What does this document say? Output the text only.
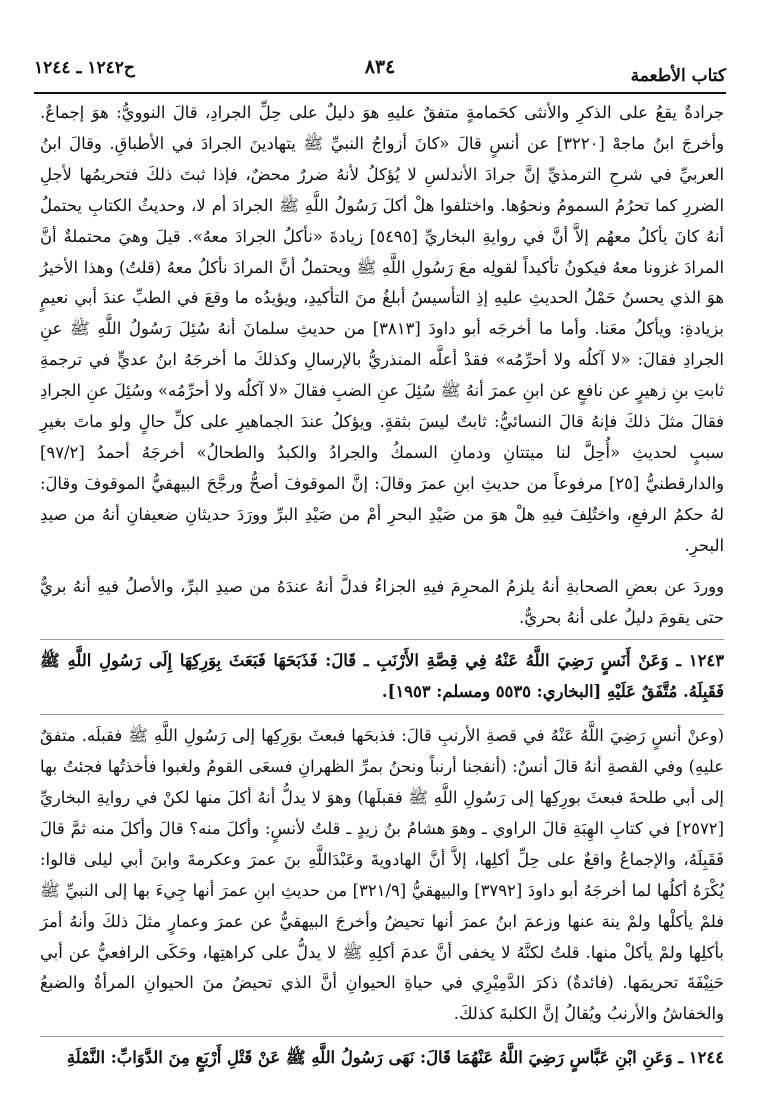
كتاب الأطعمة
٨٣٤
ح١٢٤٢ ـ ١٢٤٤

جرادةٌ يقعُ على الذكرِ والأنثى كحَمامةٍ متفقٌ عليهِ هوَ دليلٌ على حِلِّ الجرادِ، قالَ النوويُّ: هوَ إجماعٌ. وأخرجَ ابنُ ماجهْ [٣٢٢٠] عن أنسٍ قالَ «كانَ أزواجُ النبيِّ ﷺ يتهادينَ الجرادَ في الأطباقِ. وقالَ ابنُ العربيِّ في شرحِ الترمذيِّ إنَّ جرادَ الأندلسِ لا يُؤكلُ لأنهُ ضررٌ محضٌ، فإذا ثبتَ ذلكَ فتحريمُها لأجلِ الضررِ كما تحرُمُ السمومُ ونحوُها. واختلفوا هلْ أكلَ رَسُولُ اللَّهِ ﷺ الجرادَ أم لا، وحديثُ الكتابِ يحتملُ أنهُ كانَ يأكلُ معهُم إلاَّ أنَّ في روايةِ البخاريِّ [٥٤٩٥] زيادةَ «نأكلُ الجرادَ معهُ». قيلَ وهيَ محتملةٌ أنَّ المرادَ غزونا معهُ فيكونُ تأكيداً لقولِه معَ رَسُولِ اللَّهِ ﷺ ويحتملُ أنَّ المرادَ نأكلُ معهُ (قلتُ) وهذا الأخيرُ هوَ الذي يحسنُ حَمْلُ الحديثِ عليهِ إذِ التأسيسُ أبلغُ منَ التأكيدِ، ويؤيدُه ما وقعَ في الطبِّ عندَ أبي نعيمٍ بزيادةِ: ويأكلُ معَنا. وأما ما أخرجَه أبو داودَ [٣٨١٣] من حديثِ سلمانَ أنهُ سُئِلَ رَسُولُ اللَّهِ ﷺ عنِ الجرادِ فقالَ: «لا آكلُه ولا أحرِّمُه» فقدْ أعلَّه المنذريُّ بالإرسالِ وكذلكَ ما أخرجَهُ ابنُ عديٍّ في ترجمةِ ثابتِ بنِ زهيرٍ عن نافعٍ عن ابنِ عمرَ أنهُ ﷺ سُئِلَ عنِ الضبِ فقالَ «لا آكلُه ولا أحرِّمُه» وسُئِلَ عنِ الجرادِ فقالَ مثلَ ذلكَ فإنهُ قالَ النسائيُّ: ثابتٌ ليسَ بثقةٍ. ويؤكلُ عندَ الجماهيرِ على كلِّ حالٍ ولو ماتَ بغيرِ سببٍ لحديثِ «أُحِلَّ لنا ميتتانِ ودمانِ السمكُ والجرادُ والكبدُ والطحالُ» أخرجَهُ أحمدُ [٩٧/٢] والدارقطنيُّ [٢٥] مرفوعاً من حديثِ ابنِ عمرَ وقالَ: إنَّ الموقوفَ أصحُّ ورجَّحَ البيهقيُّ الموقوفَ وقالَ: لهُ حكمُ الرفعِ، واختُلِفَ فيهِ هلْ هوَ من صَيْدِ البحرِ أمْ من صَيْدِ البرِّ وورَدَ حديثانِ ضعيفانِ أنهُ من صيدِ البحرِ.

ووردَ عن بعضِ الصحابةِ أنهُ يلزمُ المحرِمَ فيهِ الجزاءُ فدلَّ أنهُ عندَهُ من صيدِ البرِّ، والأصلُ فيهِ أنهُ بريٌّ حتى يقومَ دليلٌ على أنهُ بحريٌّ.

١٢٤٣ ـ وَعَنْ أَنَسٍ رَضِيَ اللَّهُ عَنْهُ فِي قِصَّةِ الأَرْنَبِ ـ قَالَ: فَذَبَحَهَا فَبَعَثَ بِوَرِكِهَا إِلَى رَسُولِ اللَّهِ ﷺ فَقَبِلَهُ. مُتَّفَقٌ عَلَيْهِ [البخاري: ٥٥٣٥ ومسلم: ١٩٥٣].

(وعنْ أنسٍ رَضِيَ اللَّهُ عَنْهُ في قصةِ الأرنبِ قالَ: فذبحَها فبعثَ بوَرِكِها إلى رَسُولِ اللَّهِ ﷺ فقبلَه. متفقٌ عليهِ) وفي القصةِ أنهُ قالَ أنسٌ: (أنفجنا أرنباً ونحنُ بمرِّ الظهرانِ فسعَى القومُ ولغبوا فأخذتُها فجئتُ بها إلى أبي طلحةَ فبعثَ بورِكِها إلى رَسُولِ اللَّهِ ﷺ فقبلَها) وهوَ لا يدلُّ أنهُ أكلَ منها لكنْ في روايةِ البخاريِّ [٢٥٧٢] في كتابِ الهِبَةِ قالَ الراوي ـ وهوَ هشامُ بنُ زيدٍ ـ قلتُ لأنسٍ: وأكلَ منه؟ قالَ وأكلَ منه ثمَّ قالَ فَقَبِلَهُ، والإجماعُ واقعٌ على حِلِّ أكلِها، إلاَّ أنَّ الهادويةَ وعَبْدَاللَّهِ بنَ عمرَ وعكرمةَ وابنَ أبي ليلى قالوا: يُكْرَهُ أكلُها لما أخرجَهُ أبو داودَ [٣٧٩٢] والبيهقيُّ [٣٢١/٩] من حديثِ ابنِ عمرَ أنها جِيءَ بها إلى النبيِّ ﷺ فلمْ يأكلْها ولمْ ينهَ عنها وزعمَ ابنُ عمرَ أنها تحيضُ وأخرجَ البيهقيُّ عن عمرَ وعمارٍ مثلَ ذلكَ وأنهُ أمرَ بأكلِها ولمْ يأكلْ منها. قلتُ لكنَّهُ لا يخفى أنَّ عدمَ أكلِهِ ﷺ لا يدلُّ على كراهتِها، وحَكَى الرافعيُّ عن أبي حَنِيْفَةَ تحريمَها. (فائدةٌ) ذكرَ الدَّمِيْرِي في حياةِ الحيوانِ أنَّ الذي تحيضُ منَ الحيوانِ المرأةُ والضبعُ والخفاشُ والأرنبُ ويُقالُ إنَّ الكلبةَ كذلكَ.

١٢٤٤ ـ وَعَنِ ابْنِ عَبَّاسٍ رَضِيَ اللَّهُ عَنْهُمَا قَالَ: نَهَى رَسُولُ اللَّهِ ﷺ عَنْ قَتْلِ أَرْبَعٍ مِنَ الدَّوَابِّ: النَّمْلَةِ
